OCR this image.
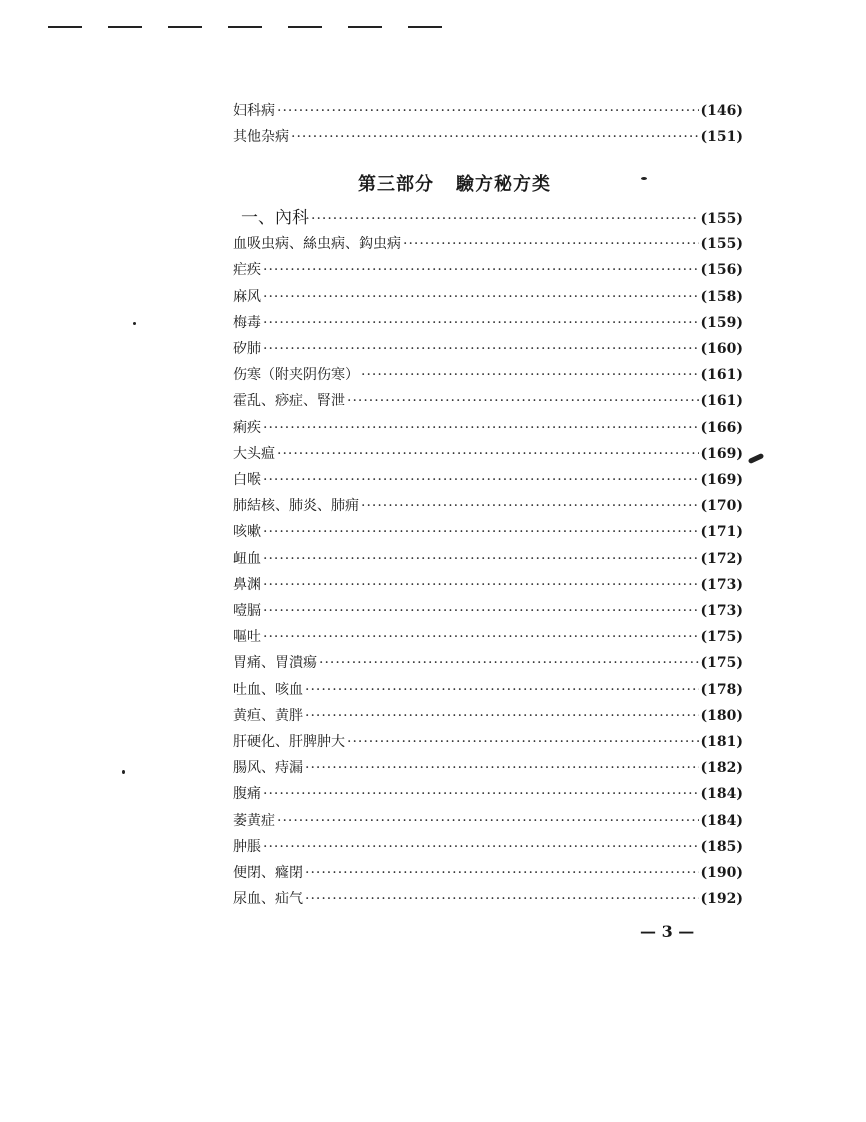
妇科病 ·····	(146)
其他杂病 ·····	(151)
第三部分 驗方秘方类
一、內科 ·····	(155)
血吸虫病、絲虫病、鈎虫病 ·····	(155)
疟疾 ·····	(156)
麻风 ·····	(158)
梅毒 ·····	(159)
矽肺 ·····	(160)
伤寒（附夹阴伤寒） ·····	(161)
霍乱、痧症、腎泄 ·····	(161)
痢疾 ·····	(166)
大头瘟 ·····	(169)
白喉 ·····	(169)
肺結核、肺炎、肺痈 ·····	(170)
咳嗽 ·····	(171)
衄血 ·····	(172)
鼻渊 ·····	(173)
噎膈 ·····	(173)
嘔吐 ·····	(175)
胃痛、胃潰瘍 ·····	(175)
吐血、咳血 ·····	(178)
黄疸、黄胖 ·····	(180)
肝硬化、肝脾肿大 ·····	(181)
腸风、痔漏 ·····	(182)
腹痛 ·····	(184)
萎黄症 ·····	(184)
肿脹 ·····	(185)
便閉、癃閉 ·····	(190)
尿血、疝气 ·····	(192)
— 3 —
